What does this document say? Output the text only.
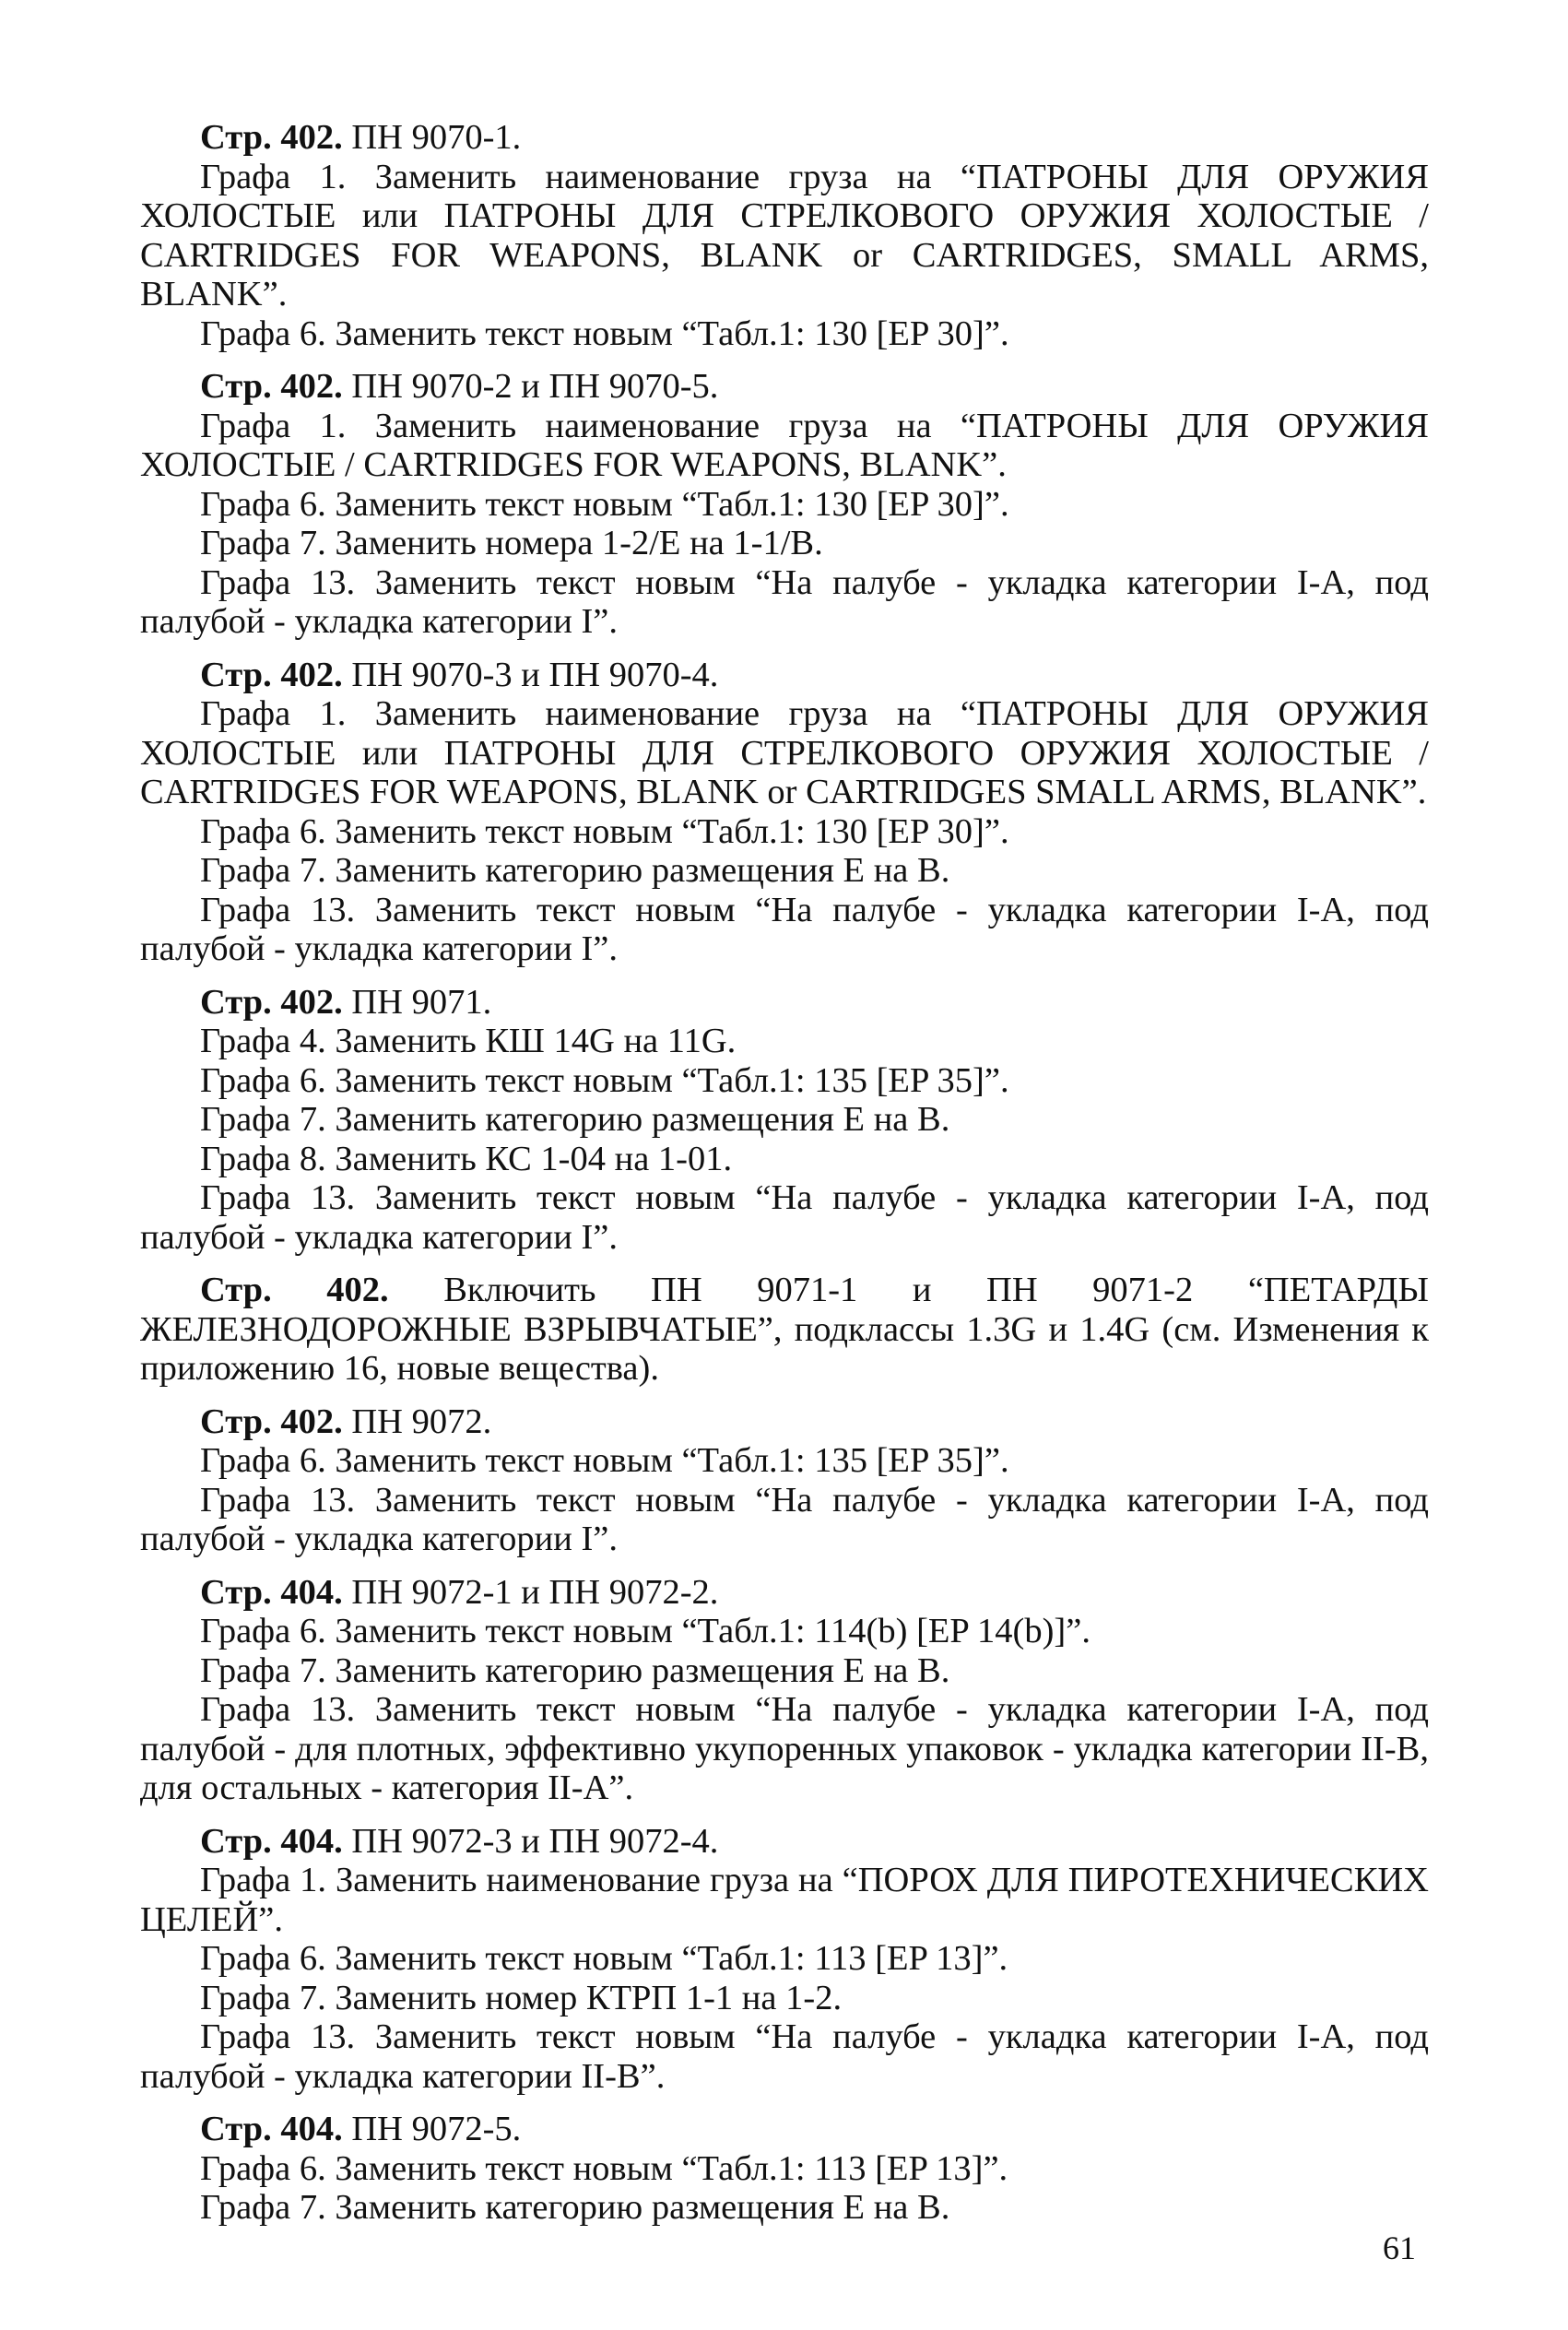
Стр. 402. ПН 9070-1.

Графа 1. Заменить наименование груза на “ПАТРОНЫ ДЛЯ ОРУЖИЯ ХОЛОСТЫЕ или ПАТРОНЫ ДЛЯ СТРЕЛКОВОГО ОРУЖИЯ ХОЛОСТЫЕ / CARTRIDGES FOR WEAPONS, BLANK or CARTRIDGES, SMALL ARMS, BLANK”.

Графа 6. Заменить текст новым “Табл.1: 130 [EP 30]”.

Стр. 402. ПН 9070-2 и ПН 9070-5.

Графа 1. Заменить наименование груза на “ПАТРОНЫ ДЛЯ ОРУЖИЯ ХОЛОСТЫЕ / CARTRIDGES FOR WEAPONS, BLANK”.

Графа 6. Заменить текст новым “Табл.1: 130 [EP 30]”.

Графа 7. Заменить номера 1-2/Е на 1-1/В.

Графа 13. Заменить текст новым “На палубе - укладка категории I-A, под палубой - укладка категории I”.

Стр. 402. ПН 9070-3 и ПН 9070-4.

Графа 1. Заменить наименование груза на “ПАТРОНЫ ДЛЯ ОРУЖИЯ ХОЛОСТЫЕ или ПАТРОНЫ ДЛЯ СТРЕЛКОВОГО ОРУЖИЯ ХОЛОСТЫЕ / CARTRIDGES FOR WEAPONS, BLANK or CARTRIDGES SMALL ARMS, BLANK”.

Графа 6. Заменить текст новым “Табл.1: 130 [EP 30]”.

Графа 7. Заменить категорию размещения Е на В.

Графа 13. Заменить текст новым “На палубе - укладка категории I-A, под палубой - укладка категории I”.

Стр. 402. ПН 9071.

Графа 4. Заменить КШ 14G на 11G.

Графа 6. Заменить текст новым “Табл.1: 135 [EP 35]”.

Графа 7. Заменить категорию размещения Е на В.

Графа 8. Заменить КС 1-04 на 1-01.

Графа 13. Заменить текст новым “На палубе - укладка категории I-A, под палубой - укладка категории I”.

Стр. 402. Включить ПН 9071-1 и ПН 9071-2 “ПЕТАРДЫ ЖЕЛЕЗНОДОРОЖНЫЕ ВЗРЫВЧАТЫЕ”, подклассы 1.3G и 1.4G (см. Изменения к приложению 16, новые вещества).

Стр. 402. ПН 9072.

Графа 6. Заменить текст новым “Табл.1: 135 [EP 35]”.

Графа 13. Заменить текст новым “На палубе - укладка категории I-A, под палубой - укладка категории I”.

Стр. 404. ПН 9072-1 и ПН 9072-2.

Графа 6. Заменить текст новым “Табл.1: 114(b) [EP 14(b)]”.

Графа 7. Заменить категорию размещения Е на В.

Графа 13. Заменить текст новым “На палубе - укладка категории I-A, под палубой - для плотных, эффективно укупоренных упаковок - укладка категории II-B, для остальных - категория II-A”.

Стр. 404. ПН 9072-3 и ПН 9072-4.

Графа 1. Заменить наименование груза на “ПОРОХ ДЛЯ ПИРОТЕХНИЧЕСКИХ ЦЕЛЕЙ”.

Графа 6. Заменить текст новым “Табл.1: 113 [EP 13]”.

Графа 7. Заменить номер КТРП 1-1 на 1-2.

Графа 13. Заменить текст новым “На палубе - укладка категории I-A, под палубой - укладка категории II-B”.

Стр. 404. ПН 9072-5.

Графа 6. Заменить текст новым “Табл.1: 113 [EP 13]”.

Графа 7. Заменить категорию размещения Е на В.

61
